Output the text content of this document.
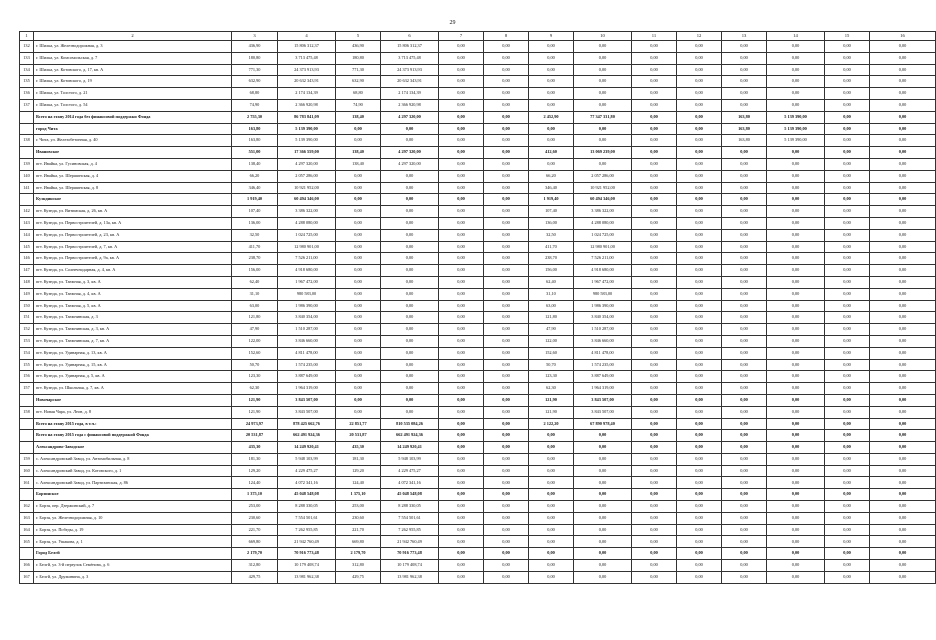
29
1	2	3	4	5	6	7	8	9	10	11	12	13	14	15	16
132	г. Шилка, ул. Железнодорожная, д. 3	436,90	15 806 312,37	436,90	15 806 312,37	0,00	0,00	0,00	0,00	0,00	0,00	0,00	0,00	0,00	0,00
133	г. Шилка, ул. Комсомольская, д. 7	180,80	3 713 475,48	180,80	3 713 475,48	0,00	0,00	0,00	0,00	0,00	0,00	0,00	0,00	0,00	0,00
134	г. Шилка, ул. Котовского, д. 17, кв. А	771,30	24 373 913,93	771,30	24 373 913,93	0,00	0,00	0,00	0,00	0,00	0,00	0,00	0,00	0,00	0,00
135	г. Шилка, ул. Котовского, д. 19	632,90	20 632 343,91	632,90	20 632 343,91	0,00	0,00	0,00	0,00	0,00	0,00	0,00	0,00	0,00	0,00
136	г. Шилка, ул. Толстого, д. 21	68,80	2 174 134,39	68,80	2 174 134,39	0,00	0,00	0,00	0,00	0,00	0,00	0,00	0,00	0,00	0,00
137	г. Шилка, ул. Толстого, д. 54	74,90	2 366 920,98	74,90	2 366 920,98	0,00	0,00	0,00	0,00	0,00	0,00	0,00	0,00	0,00	0,00
	Всего на этапу 2014 года без финансовой поддержки Фонда	2 755,30	86 783 841,09	138,40	4 297 320,00	0,00	0,00	2 452,90	77 347 331,80	0,00	0,00	163,80	5 139 390,00	0,00	0,00
	город Чита	163,80	5 139 390,00	0,00	0,00	0,00	0,00	0,00	0,00	0,00	0,00	163,80	5 139 390,00	0,00	0,00
138	г. Чита, ул. Железобетонная, д. 40	163,80	5 139 390,00	0,00	0,00	0,00	0,00	0,00	0,00	0,00	0,00	163,80	5 139 390,00	0,00	0,00
	Ивановское	551,00	17 366 559,00	138,40	4 297 320,00	0,00	0,00	412,60	13 069 239,00	0,00	0,00	0,00	0,00	0,00	0,00
139	пгт. Ивайка, ул. Гусиновская, д. 4	138,40	4 297 320,00	138,40	4 297 320,00	0,00	0,00	0,00	0,00	0,00	0,00	0,00	0,00	0,00	0,00
140	пгт. Ивайка, ул. Шершинская, д. 4	66,20	2 057 286,00	0,00	0,00	0,00	0,00	66,20	2 057 286,00	0,00	0,00	0,00	0,00	0,00	0,00
141	пгт. Ивайка, ул. Шершинская, д. 8	346,40	10 921 952,00	0,00	0,00	0,00	0,00	346,40	10 921 952,00	0,00	0,00	0,00	0,00	0,00	0,00
	Куэндинское	1 919,40	60 494 346,00	0,00	0,00	0,00	0,00	1 919,40	60 494 346,00	0,00	0,00	0,00	0,00	0,00	0,00
142	пгт. Куэнда, ул. Витимская, д. 26, кв. А	107,40	3 386 322,00	0,00	0,00	0,00	0,00	107,40	3 386 322,00	0,00	0,00	0,00	0,00	0,00	0,00
143	пгт. Куэнда, ул. Первостроителей, д. 13а, кв. А	136,00	4 288 080,00	0,00	0,00	0,00	0,00	136,00	4 288 080,00	0,00	0,00	0,00	0,00	0,00	0,00
144	пгт. Куэнда, ул. Первостроителей, д. 23, кв. А	32,50	1 024 725,00	0,00	0,00	0,00	0,00	32,50	1 024 725,00	0,00	0,00	0,00	0,00	0,00	0,00
145	пгт. Куэнда, ул. Первостроителей, д. 7, кв. А	411,70	12 980 901,00	0,00	0,00	0,00	0,00	411,70	12 980 901,00	0,00	0,00	0,00	0,00	0,00	0,00
146	пгт. Куэнда, ул. Первостроителей, д. 9а, кв. А	238,70	7 526 211,00	0,00	0,00	0,00	0,00	238,70	7 526 211,00	0,00	0,00	0,00	0,00	0,00	0,00
147	пгт. Куэнда, ул. Солнечнодарная, д. 4, кв. А	156,00	4 918 680,00	0,00	0,00	0,00	0,00	156,00	4 918 680,00	0,00	0,00	0,00	0,00	0,00	0,00
148	пгт. Куэнда, ул. Таежная, д. 3, кв. А	62,40	1 967 472,00	0,00	0,00	0,00	0,00	62,40	1 967 472,00	0,00	0,00	0,00	0,00	0,00	0,00
149	пгт. Куэнда, ул. Таежная, д. 4, кв. А	31,10	980 583,00	0,00	0,00	0,00	0,00	31,10	980 583,00	0,00	0,00	0,00	0,00	0,00	0,00
150	пгт. Куэнда, ул. Таежная, д. 5, кв. А	63,00	1 986 390,00	0,00	0,00	0,00	0,00	63,00	1 986 390,00	0,00	0,00	0,00	0,00	0,00	0,00
151	пгт. Куэнда, ул. Таежнинская, д. 3	121,80	3 840 354,00	0,00	0,00	0,00	0,00	121,80	3 840 354,00	0,00	0,00	0,00	0,00	0,00	0,00
152	пгт. Куэнда, ул. Таежнинская, д. 3, кв. А	47,90	1 510 287,00	0,00	0,00	0,00	0,00	47,90	1 510 287,00	0,00	0,00	0,00	0,00	0,00	0,00
153	пгт. Куэнда, ул. Таежнинская, д. 7, кв. А	122,00	3 846 660,00	0,00	0,00	0,00	0,00	122,00	3 846 660,00	0,00	0,00	0,00	0,00	0,00	0,00
154	пгт. Куэнда, ул. Удинарная, д. 13, кв. А	152,60	4 811 478,00	0,00	0,00	0,00	0,00	152,60	4 811 478,00	0,00	0,00	0,00	0,00	0,00	0,00
155	пгт. Куэнда, ул. Удинарная, д. 15, кв. А	50,70	1 574 235,00	0,00	0,00	0,00	0,00	50,70	1 574 235,00	0,00	0,00	0,00	0,00	0,00	0,00
156	пгт. Куэнда, ул. Удинарная, д. 5, кв. А	123,30	3 887 649,00	0,00	0,00	0,00	0,00	123,30	3 887 649,00	0,00	0,00	0,00	0,00	0,00	0,00
157	пгт. Куэнда, ул. Школьная, д. 7, кв. А	62,30	1 964 319,00	0,00	0,00	0,00	0,00	62,30	1 964 319,00	0,00	0,00	0,00	0,00	0,00	0,00
	Новочарское	121,90	3 843 507,00	0,00	0,00	0,00	0,00	121,90	3 843 507,00	0,00	0,00	0,00	0,00	0,00	0,00
158	пгт. Новая Чара, ул. Леон, д. 8	121,90	3 843 507,00	0,00	0,00	0,00	0,00	121,90	3 843 507,00	0,00	0,00	0,00	0,00	0,00	0,00
	Всего на этапу 2015 года, в т.ч.:	24 973,97	878 425 662,76	22 851,77	810 535 084,26	0,00	0,00	2 122,20	67 890 978,40	0,00	0,00	0,00	0,00	0,00	0,00
	Всего на этапу 2015 года с финансовой поддержкой Фонда	20 531,87	662 491 924,36	20 531,87	662 491 924,36	0,00	0,00	0,00	0,00	0,00	0,00	0,00	0,00	0,00	0,00
	Александрово-Заводское	435,30	14 249 920,41	435,30	14 249 920,41	0,00	0,00	0,00	0,00	0,00	0,00	0,00	0,00	0,00	0,00
159	с. Александровский Завод, ул. Автомобильная, д. 8	181,30	5 948 103,99	181,30	5 948 103,99	0,00	0,00	0,00	0,00	0,00	0,00	0,00	0,00	0,00	0,00
160	с. Александровский Завод, ул. Котовского, д. 1	129,20	4 229 475,27	129,20	4 229 475,27	0,00	0,00	0,00	0,00	0,00	0,00	0,00	0,00	0,00	0,00
161	с. Александровский Завод, ул. Партизанская, д. 86	124,40	4 072 341,16	124,40	4 072 341,16	0,00	0,00	0,00	0,00	0,00	0,00	0,00	0,00	0,00	0,00
	Борзинское	1 375,10	45 048 548,08	1 375,10	45 048 548,08	0,00	0,00	0,00	0,00	0,00	0,00	0,00	0,00	0,00	0,00
162	г. Борзя, пер. Дзержинский, д. 7	253,00	8 288 330,05	253,00	8 288 330,05	0,00	0,00	0,00	0,00	0,00	0,00	0,00	0,00	0,00	0,00
163	г. Борзя, ул. Железнодорожная, д. 10	230,60	7 554 501,61	230,60	7 554 501,61	0,00	0,00	0,00	0,00	0,00	0,00	0,00	0,00	0,00	0,00
164	г. Борзя, ул. Победы, д. 19	221,70	7 262 955,85	221,70	7 262 955,85	0,00	0,00	0,00	0,00	0,00	0,00	0,00	0,00	0,00	0,00
165	г. Борзя, ул. Ушакова, д. 1	669,80	21 942 760,49	669,80	21 942 760,49	0,00	0,00	0,00	0,00	0,00	0,00	0,00	0,00	0,00	0,00
	Город Белгй	2 179,70	70 916 773,48	2 179,70	70 916 773,48	0,00	0,00	0,00	0,00	0,00	0,00	0,00	0,00	0,00	0,00
166	г. Белгй, ул. 3-й переулок Семёнова, д. 6	312,80	10 179 408,74	312,80	10 179 408,74	0,00	0,00	0,00	0,00	0,00	0,00	0,00	0,00	0,00	0,00
167	г. Белгй, ул. Дружинина, д. 3	429,75	13 981 962,38	429,75	13 981 962,38	0,00	0,00	0,00	0,00	0,00	0,00	0,00	0,00	0,00	0,00
